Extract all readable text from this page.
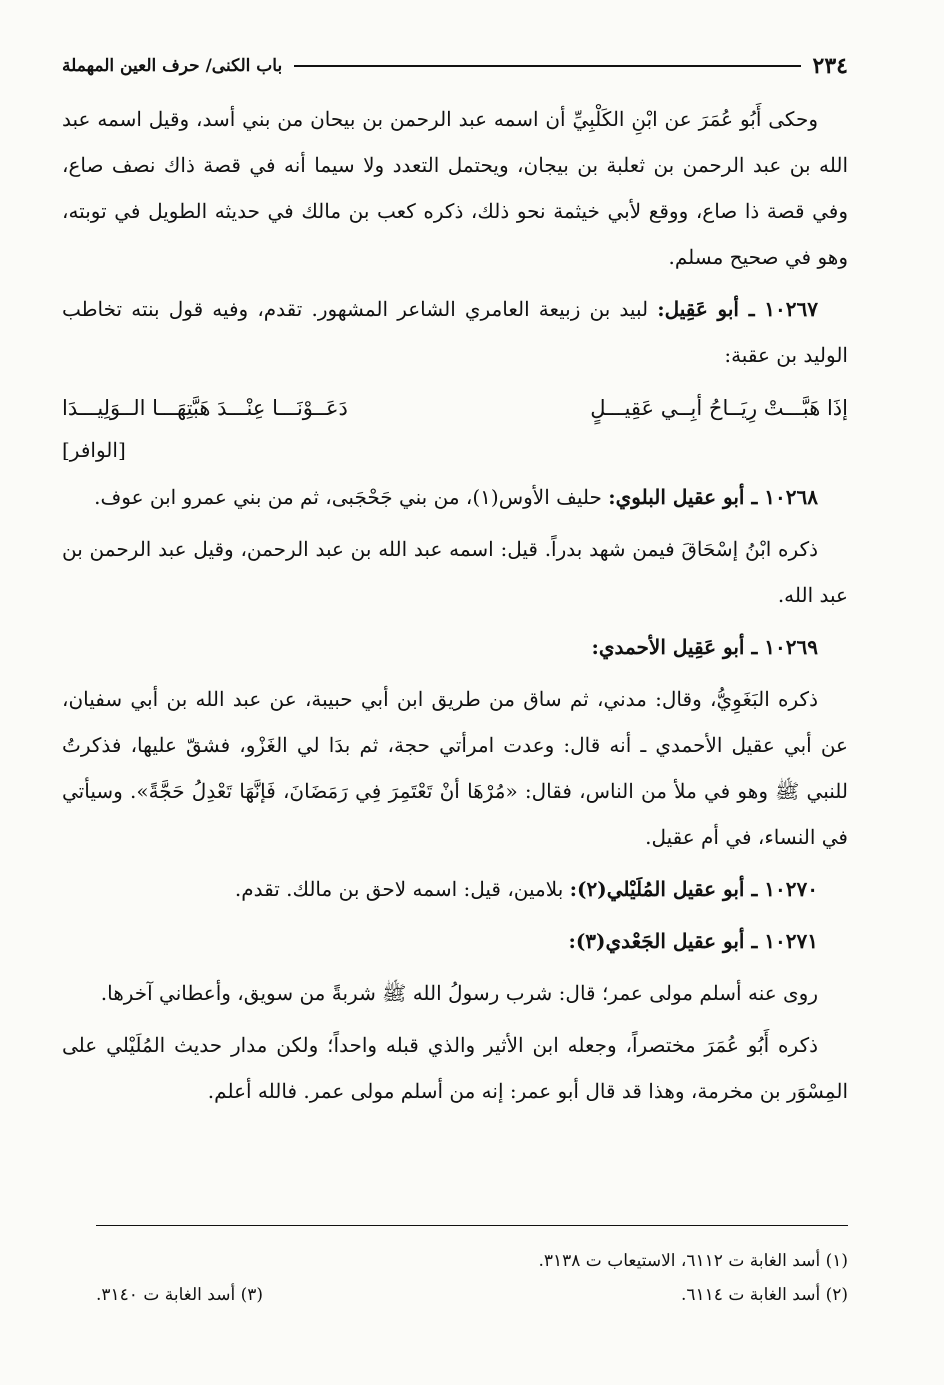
٢٣٤
باب الكنى/ حرف العين المهملة

وحكى أَبُو عُمَرَ عن ابْنِ الكَلْبِيِّ أن اسمه عبد الرحمن بن بيحان من بني أسد، وقيل اسمه عبد الله بن عبد الرحمن بن ثعلبة بن بيجان، ويحتمل التعدد ولا سيما أنه في قصة ذاك نصف صاع، وفي قصة ذا صاع، ووقع لأبي خيثمة نحو ذلك، ذكره كعب بن مالك في حديثه الطويل في توبته، وهو في صحيح مسلم.

١٠٢٦٧ ـ أبو عَقِيل: لبيد بن زبيعة العامري الشاعر المشهور. تقدم، وفيه قول بنته تخاطب الوليد بن عقبة:

إذَا هَبَّـــتْ رِيَــاحُ أبِــي عَقِيـــلٍ
دَعَــوْنَـــا عِنْـــدَ هَبَّتِهَـــا الــوَلِيـــدَا

[الوافر]

١٠٢٦٨ ـ أبو عقيل البلوي: حليف الأوس(١)، من بني جَحْجَبى، ثم من بني عمرو ابن عوف.

ذكره ابْنُ إسْحَاقَ فيمن شهد بدراً. قيل: اسمه عبد الله بن عبد الرحمن، وقيل عبد الرحمن بن عبد الله.

١٠٢٦٩ ـ أبو عَقِيل الأحمدي:

ذكره البَغَوِيُّ، وقال: مدني، ثم ساق من طريق ابن أبي حبيبة، عن عبد الله بن أبي سفيان، عن أبي عقيل الأحمدي ـ أنه قال: وعدت امرأتي حجة، ثم بدَا لي الغَزْو، فشقّ عليها، فذكرتُ للنبي ﷺ وهو في ملأ من الناس، فقال: «مُرْهَا أنْ تَعْتَمِرَ فِي رَمَضَانَ، فَإنَّهَا تَعْدِلُ حَجَّةً». وسيأتي في النساء، في أم عقيل.

١٠٢٧٠ ـ أبو عقيل المُلَيْلي(٢): بلامين، قيل: اسمه لاحق بن مالك. تقدم.

١٠٢٧١ ـ أبو عقيل الجَعْدي(٣):

روى عنه أسلم مولى عمر؛ قال: شرب رسولُ الله ﷺ شربةً من سويق، وأعطاني آخرها.

ذكره أَبُو عُمَرَ مختصراً، وجعله ابن الأثير والذي قبله واحداً؛ ولكن مدار حديث المُلَيْلي على المِسْوَر بن مخرمة، وهذا قد قال أبو عمر: إنه من أسلم مولى عمر. فالله أعلم.

(١) أسد الغابة ت ٦١١٢، الاستيعاب ت ٣١٣٨.
(٢) أسد الغابة ت ٦١١٤.
(٣) أسد الغابة ت ٣١٤٠.
